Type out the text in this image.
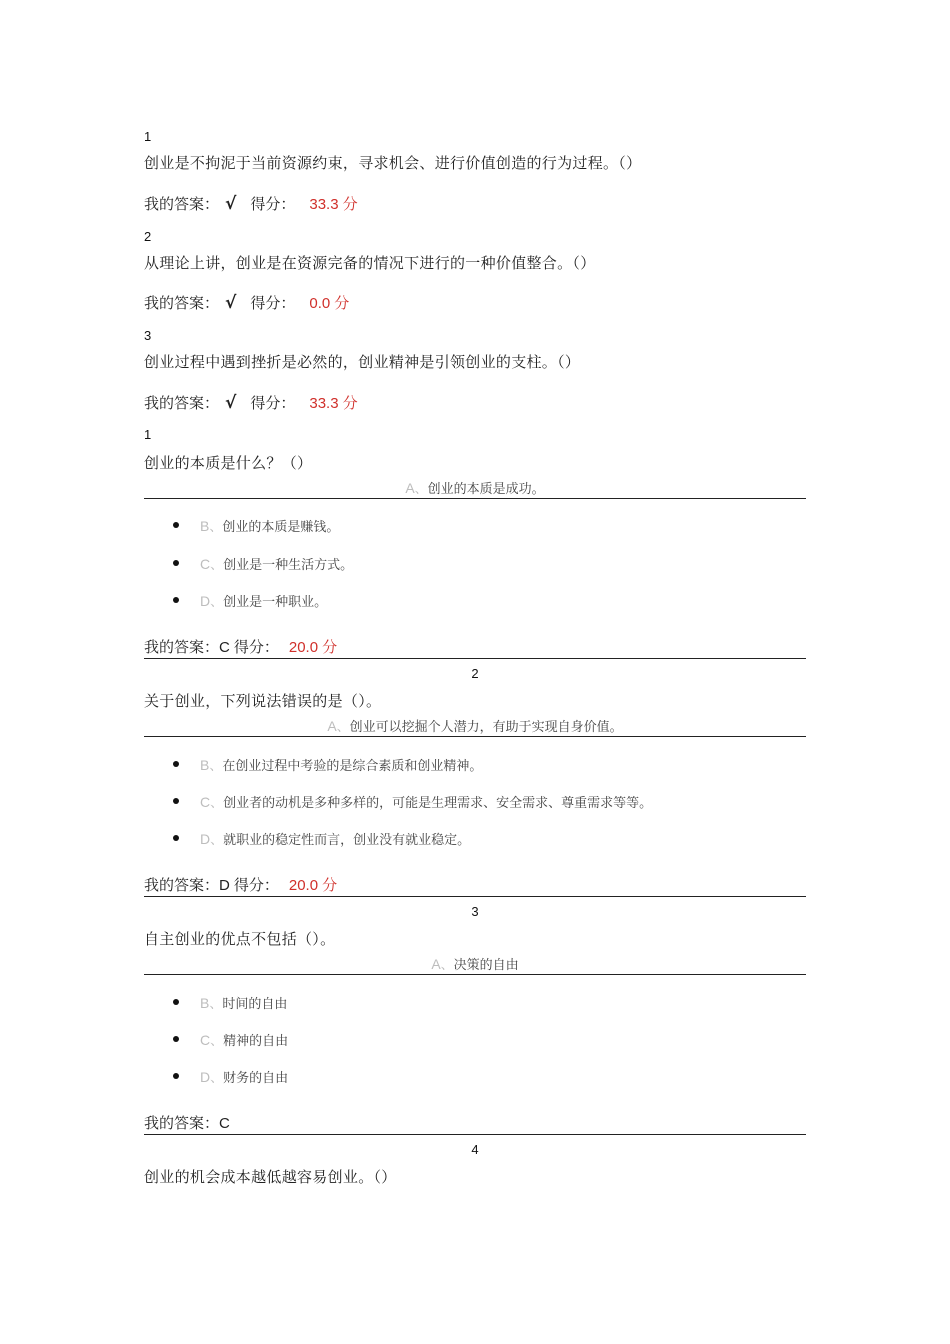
1
创业是不拘泥于当前资源约束，寻求机会、进行价值创造的行为过程。（）
我的答案： √ 得分： 33.3 分
2
从理论上讲，创业是在资源完备的情况下进行的一种价值整合。（）
我的答案： √ 得分： 0.0 分
3
创业过程中遇到挫折是必然的，创业精神是引领创业的支柱。（）
我的答案： √ 得分： 33.3 分
1
创业的本质是什么？（）
A、创业的本质是成功。
B、创业的本质是赚钱。
C、创业是一种生活方式。
D、创业是一种职业。
我的答案：C 得分： 20.0 分
2
关于创业，下列说法错误的是（）。
A、创业可以挖掘个人潜力，有助于实现自身价值。
B、在创业过程中考验的是综合素质和创业精神。
C、创业者的动机是多种多样的，可能是生理需求、安全需求、尊重需求等等。
D、就职业的稳定性而言，创业没有就业稳定。
我的答案：D 得分： 20.0 分
3
自主创业的优点不包括（）。
A、决策的自由
B、时间的自由
C、精神的自由
D、财务的自由
我的答案：C
4
创业的机会成本越低越容易创业。（）
